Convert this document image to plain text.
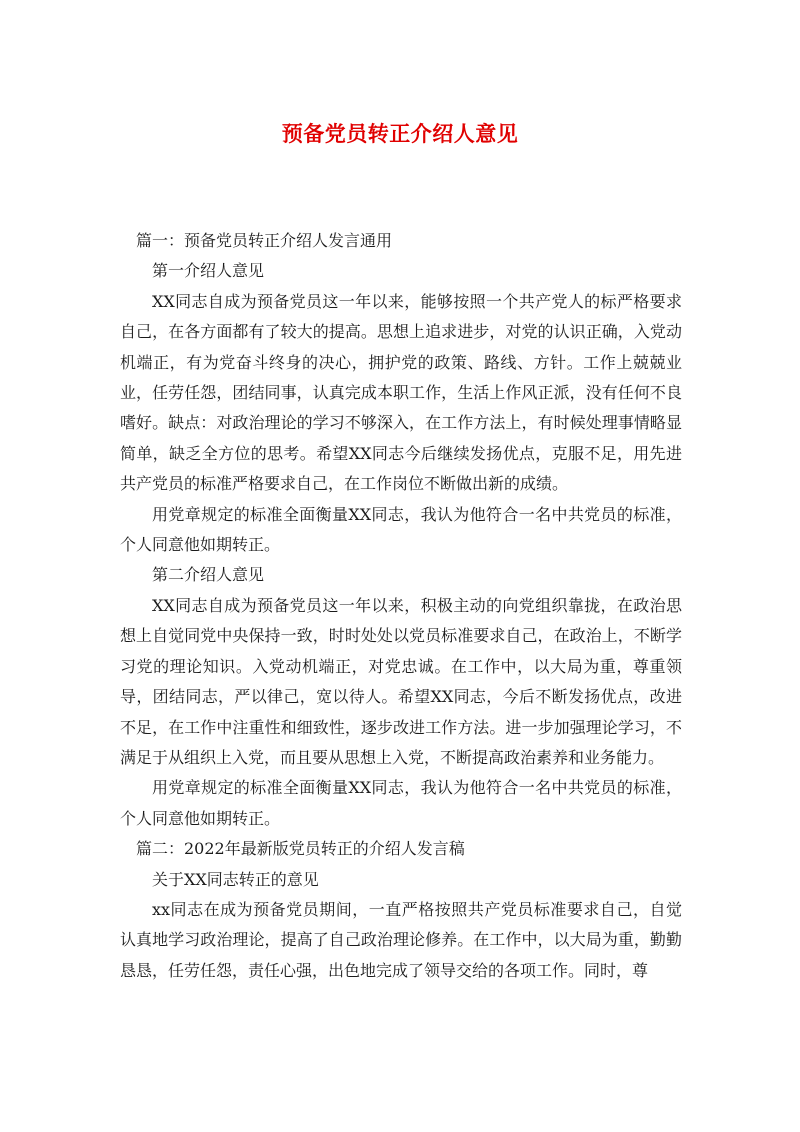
预备党员转正介绍人意见

篇一：预备党员转正介绍人发言通用

第一介绍人意见

XX同志自成为预备党员这一年以来，能够按照一个共产党人的标严格要求自己，在各方面都有了较大的提高。思想上追求进步，对党的认识正确，入党动机端正，有为党奋斗终身的决心，拥护党的政策、路线、方针。工作上兢兢业业，任劳任怨，团结同事，认真完成本职工作，生活上作风正派，没有任何不良嗜好。缺点：对政治理论的学习不够深入，在工作方法上，有时候处理事情略显简单，缺乏全方位的思考。希望XX同志今后继续发扬优点，克服不足，用先进共产党员的标准严格要求自己，在工作岗位不断做出新的成绩。

用党章规定的标准全面衡量XX同志，我认为他符合一名中共党员的标准，个人同意他如期转正。

第二介绍人意见

XX同志自成为预备党员这一年以来，积极主动的向党组织靠拢，在政治思想上自觉同党中央保持一致，时时处处以党员标准要求自己，在政治上，不断学习党的理论知识。入党动机端正，对党忠诚。在工作中，以大局为重，尊重领导，团结同志，严以律己，宽以待人。希望XX同志，今后不断发扬优点，改进不足，在工作中注重性和细致性，逐步改进工作方法。进一步加强理论学习，不满足于从组织上入党，而且要从思想上入党，不断提高政治素养和业务能力。

用党章规定的标准全面衡量XX同志，我认为他符合一名中共党员的标准，个人同意他如期转正。

篇二：2022年最新版党员转正的介绍人发言稿

关于XX同志转正的意见

xx同志在成为预备党员期间，一直严格按照共产党员标准要求自己，自觉认真地学习政治理论，提高了自己政治理论修养。在工作中，以大局为重，勤勤恳恳，任劳任怨，责任心强，出色地完成了领导交给的各项工作。同时，尊
